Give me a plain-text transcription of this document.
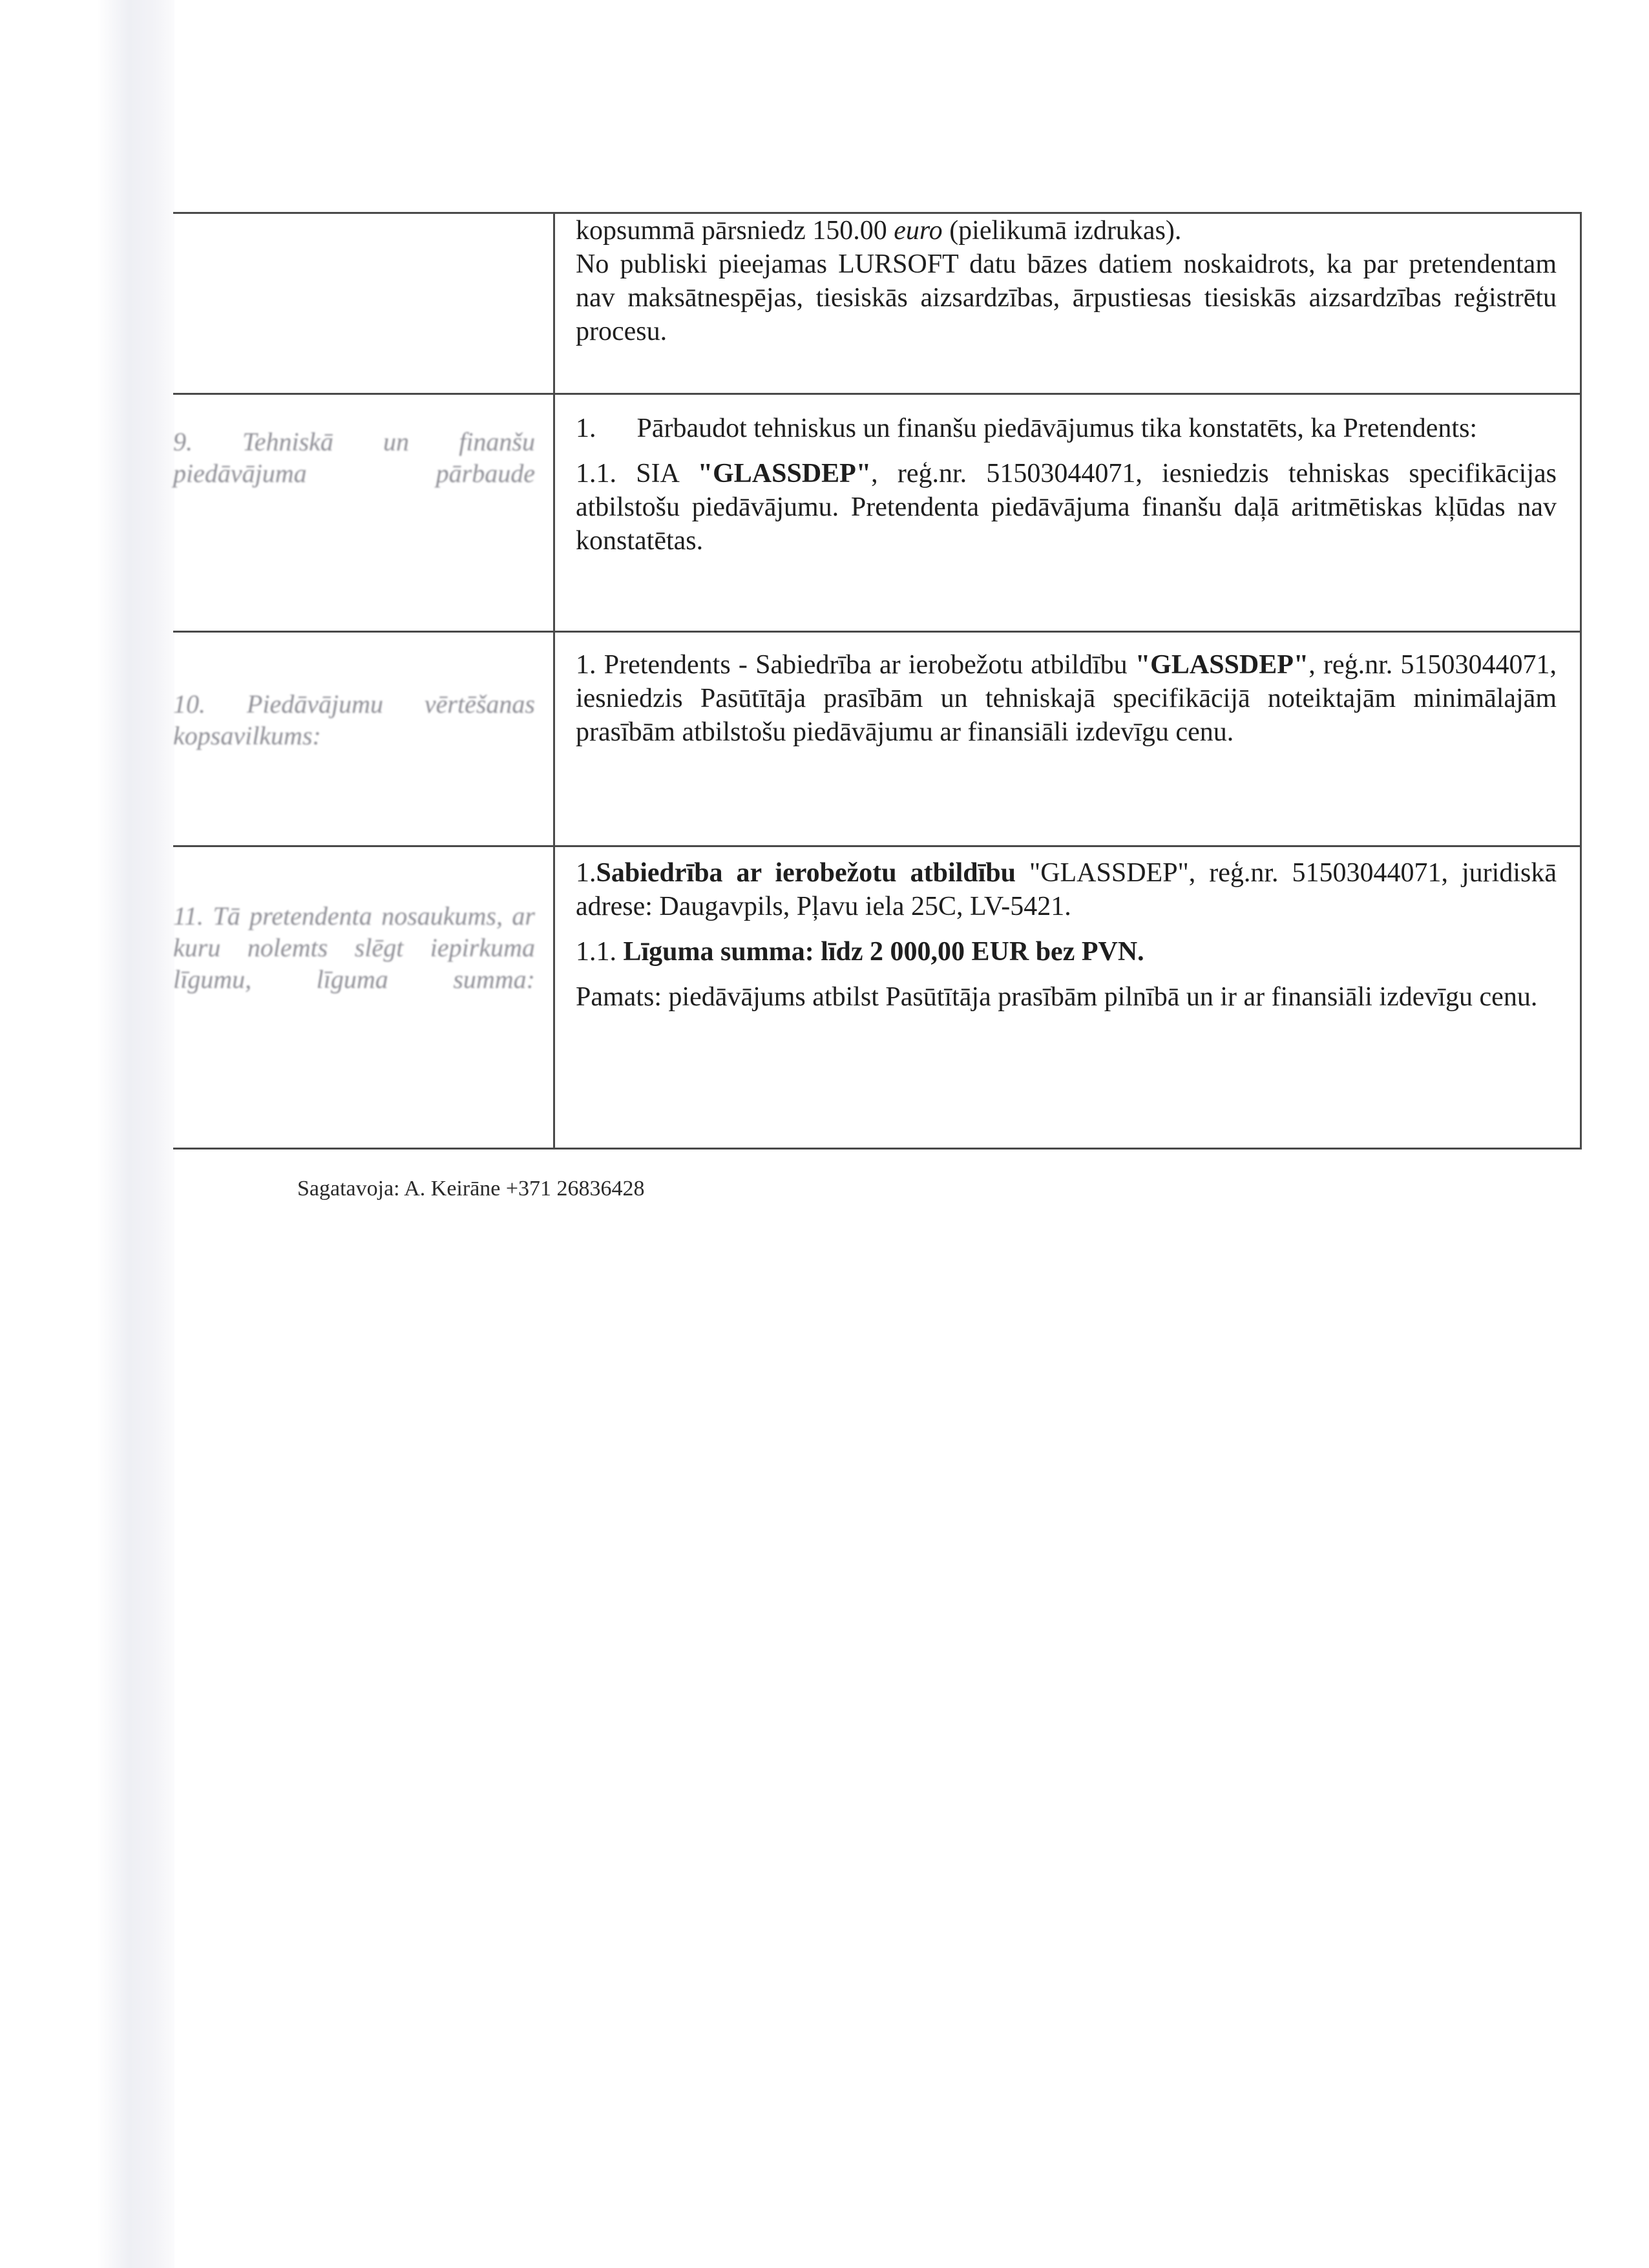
	kopsummā pārsniedz 150.00 euro (pielikumā izdrukas).

No publiski pieejamas LURSOFT datu bāzes datiem noskaidrots, ka par pretendentam nav maksātnespējas, tiesiskās aizsardzības, ārpustiesas tiesiskās aizsardzības reģistrētu procesu.

9. Tehniskā un finanšu piedāvājuma pārbaude	1.      Pārbaudot tehniskus un finanšu piedāvājumus tika konstatēts, ka Pretendents:

1.1. SIA "GLASSDEP", reģ.nr. 51503044071, iesniedzis tehniskas specifikācijas atbilstošu piedāvājumu. Pretendenta piedāvājuma finanšu daļā aritmētiskas kļūdas nav konstatētas.

10. Piedāvājumu vērtēšanas kopsavilkums:	1. Pretendents - Sabiedrība ar ierobežotu atbildību "GLASSDEP", reģ.nr. 51503044071, iesniedzis Pasūtītāja prasībām un tehniskajā specifikācijā noteiktajām minimālajām prasībām atbilstošu piedāvājumu ar finansiāli izdevīgu cenu.

11. Tā pretendenta nosaukums, ar kuru nolemts slēgt iepirkuma līgumu, līguma summa:	1.Sabiedrība ar ierobežotu atbildību "GLASSDEP", reģ.nr. 51503044071, juridiskā adrese: Daugavpils, Pļavu iela 25C, LV-5421.

1.1. Līguma summa: līdz 2 000,00 EUR bez PVN.

Pamats: piedāvājums atbilst Pasūtītāja prasībām pilnībā un ir ar finansiāli izdevīgu cenu.

Sagatavoja: A. Keirāne +371 26836428
